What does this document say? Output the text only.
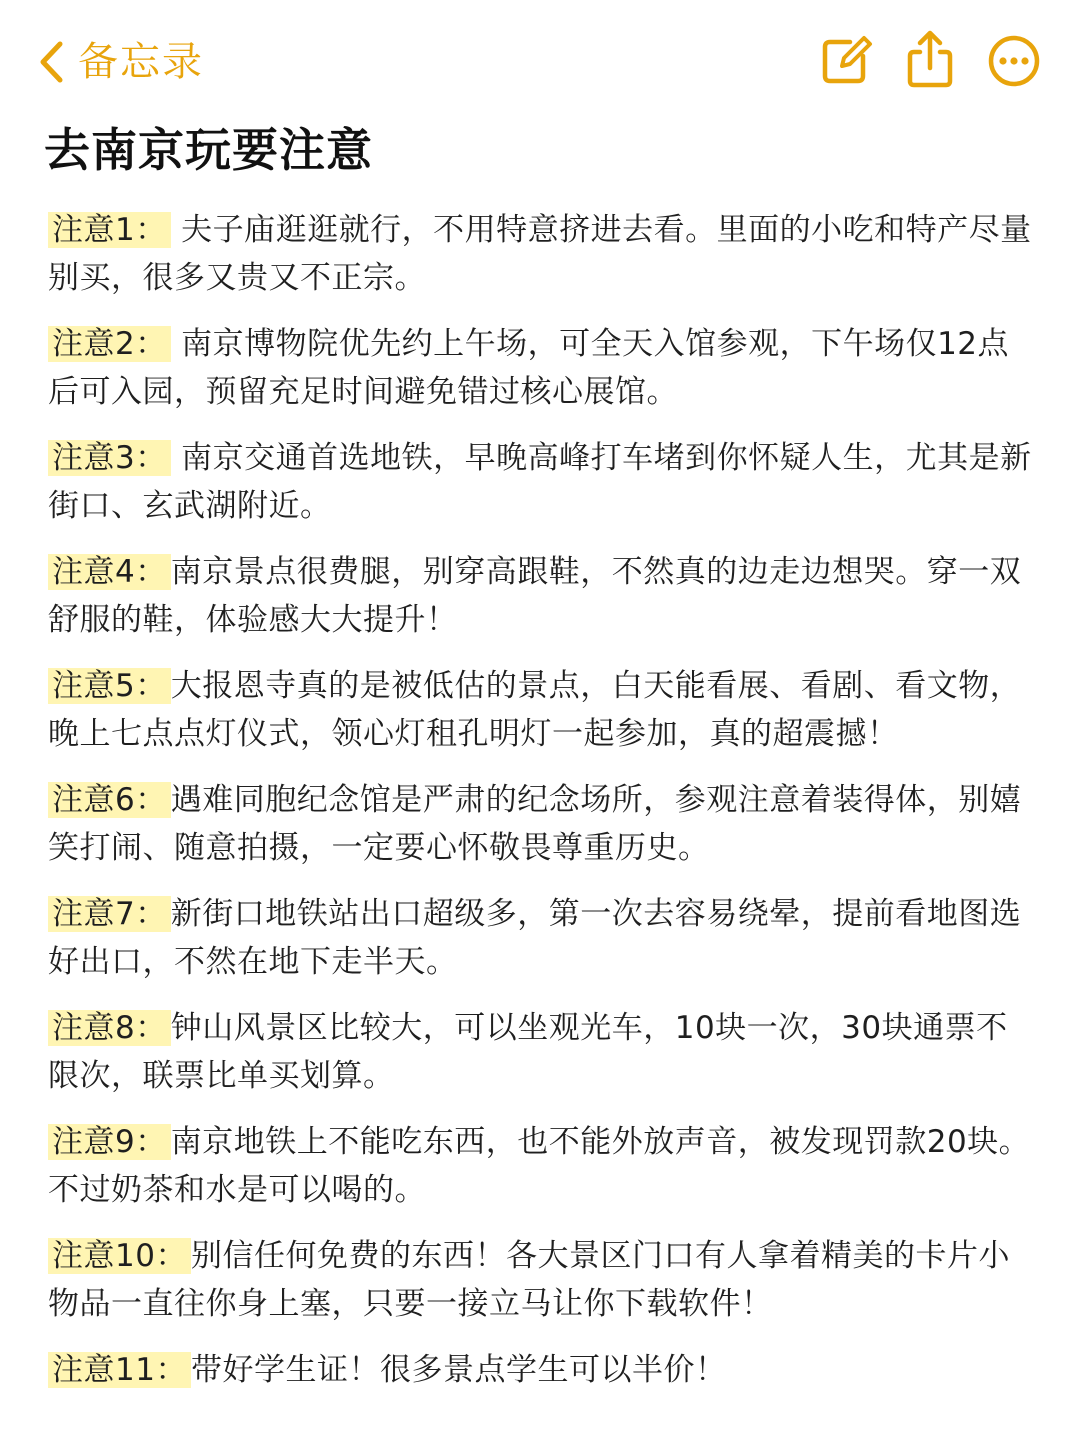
备忘录
去南京玩要注意

注意1： 夫子庙逛逛就行，不用特意挤进去看。里面的小吃和特产尽量别买，很多又贵又不正宗。

注意2： 南京博物院优先约上午场，可全天入馆参观，下午场仅12点后可入园，预留充足时间避免错过核心展馆。

注意3： 南京交通首选地铁，早晚高峰打车堵到你怀疑人生，尤其是新街口、玄武湖附近。

注意4： 南京景点很费腿，别穿高跟鞋，不然真的边走边想哭。穿一双舒服的鞋，体验感大大提升！

注意5： 大报恩寺真的是被低估的景点，白天能看展、看剧、看文物，晚上七点点灯仪式，领心灯租孔明灯一起参加，真的超震撼！

注意6： 遇难同胞纪念馆是严肃的纪念场所，参观注意着装得体，别嬉笑打闹、随意拍摄，一定要心怀敬畏尊重历史。

注意7： 新街口地铁站出口超级多，第一次去容易绕晕，提前看地图选好出口，不然在地下走半天。

注意8： 钟山风景区比较大，可以坐观光车，10块一次，30块通票不限次，联票比单买划算。

注意9： 南京地铁上不能吃东西，也不能外放声音，被发现罚款20块。不过奶茶和水是可以喝的。

注意10： 别信任何免费的东西！各大景区门口有人拿着精美的卡片小物品一直往你身上塞，只要一接立马让你下载软件！

注意11： 带好学生证！很多景点学生可以半价！
